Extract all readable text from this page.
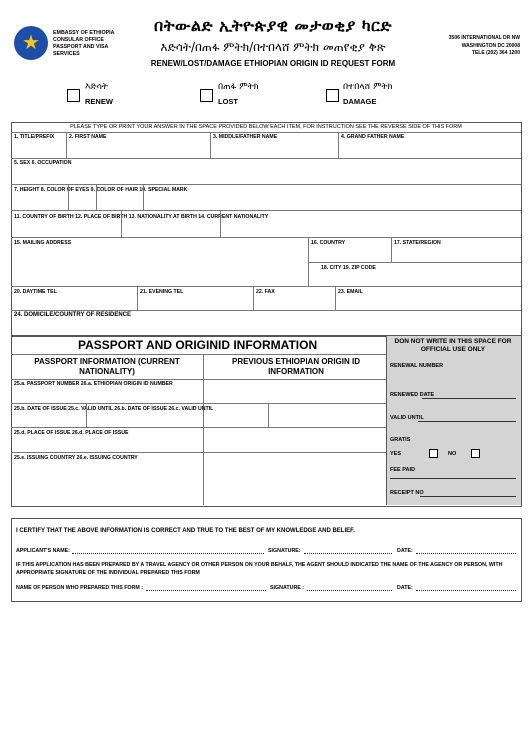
★	EMBASSY OF ETHIOPIA
CONSULAR OFFICE
PASSPORT AND VISA SERVICES
በትውልድ ኢትዮጵያዊ መታወቂያ ካርድ
እድሳት/በጠፋ ምትክ/በተበላሸ ምትክ መጠየቂያ ቅጽ
RENEW/LOST/DAMAGE ETHIOPIAN ORIGIN ID REQUEST FORM
3506 INTERNATIONAL DR NW
WASHINGTON DC 20008
TELE (202) 364 1200
እድሳት
RENEW
በጠፋ ምትክ
LOST
በተበላሸ ምትክ
DAMAGE
PLEASE TYPE OR PRINT YOUR ANSWER IN THE SPACE PROVIDED BELOW EACH ITEM, FOR INSTRUCTION SEE THE REVERSE SIDE OF THIS FORM
1. TITLE/PREFIX	2. FIRST NAME	3. MIDDLE/FATHER NAME	4. GRAND FATHER NAME
5. SEX 6. OCCUPATION
7. HEIGHT 8. COLOR OF EYES 9. COLOR OF HAIR 10. SPECIAL MARK
11. COUNTRY OF BIRTH 12. PLACE OF BIRTH 13. NATIONALITY AT BIRTH 14. CURRENT NATIONALITY
15. MAILING ADDRESS	16. COUNTRY	17. STATE/REGION
18. CITY 19. ZIP CODE
20. DAYTIME TEL	21. EVENING TEL	22. FAX	23. EMAIL
24. DOMICILE/COUNTRY OF RESIDENCE
PASSPORT AND ORIGINID INFORMATION
PASSPORT INFORMATION (CURRENT NATIONALITY)
PREVIOUS ETHIOPIAN ORIGIN ID INFORMATION
25.a. PASSPORT NUMBER 26.a. ETHIOPIAN ORIGIN ID NUMBER
25.b. DATE OF ISSUE 25.c. VALID UNTIL 26.b. DATE OF ISSUE 26.c. VALID UNTIL
25.d. PLACE OF ISSUE 26.d. PLACE OF ISSUE
25.e. ISSUING COUNTRY 26.e. ISSUING COUNTRY
DON NOT WRITE IN THIS SPACE FOR OFFICIAL USE ONLY
RENEWAL NUMBER
RENEWED DATE
VALID UNTIL
GRATIS
YES	NO
FEE PAID
RECEIPT NO
I CERTIFY THAT THE ABOVE INFORMATION IS CORRECT AND TRUE TO THE BEST OF MY KNOWLEDGE AND BELIEF.
APPLICANT'S NAME:	SIGNATURE:	DATE:
IF THIS APPLICATION HAS BEEN PREPARED BY A TRAVEL AGENCY OR OTHER PERSON ON YOUR BEHALF, THE AGENT SHOULD INDICATED THE NAME OF THE AGENCY OR PERSON, WITH APPROPRIATE SIGNATURE OF THE INDIVIDUAL PREPARED THIS FORM
NAME OF PERSON WHO PREPARED THIS FORM :	SIGNATURE :	DATE:
